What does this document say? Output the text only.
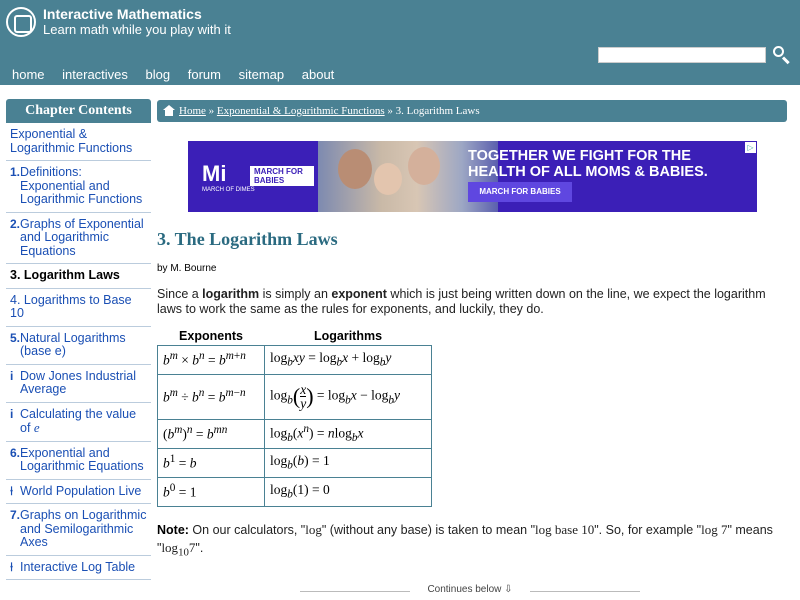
Interactive Mathematics
Learn math while you play with it
home interactives blog forum sitemap about
Chapter Contents
Exponential & Logarithmic Functions
1. Definitions: Exponential and Logarithmic Functions
2. Graphs of Exponential and Logarithmic Equations
3. Logarithm Laws
4. Logarithms to Base 10
5. Natural Logarithms (base e)
i Dow Jones Industrial Average
i Calculating the value of e
6. Exponential and Logarithmic Equations
⍿ World Population Live
7. Graphs on Logarithmic and Semilogarithmic Axes
⍿ Interactive Log Table
Home » Exponential & Logarithmic Functions » 3. Logarithm Laws
Mi
MARCH OF DIMES
MARCH FOR BABIES
TOGETHER WE FIGHT FOR THE HEALTH OF ALL MOMS & BABIES.
MARCH FOR BABIES
▷
3. The Logarithm Laws
by M. Bourne

Since a logarithm is simply an exponent which is just being written down on the line, we expect the logarithm laws to work the same as the rules for exponents, and luckily, they do.

Exponents	Logarithms
$b^m \times b^n = b^{m+n}$	$\log_bxy = \log_bx + \log_by$
$b^m \div b^n = b^{m-n}$	$\log_b(\frac{x}{y}$ ) = $\log_bx - \log_by$
$(b^m)^n = b^{mn}$	$\log_b(x^n) = nlog_bx$
$b^1 = b$	$\log_b(b) = 1$
$b^0 = 1$	$\log_b(1) = 0$

Note: On our calculators, "log" (without any base) is taken to mean "log base 10". So, for example "log 7" means "$\log_{10}7$".

Continues below ⇩
